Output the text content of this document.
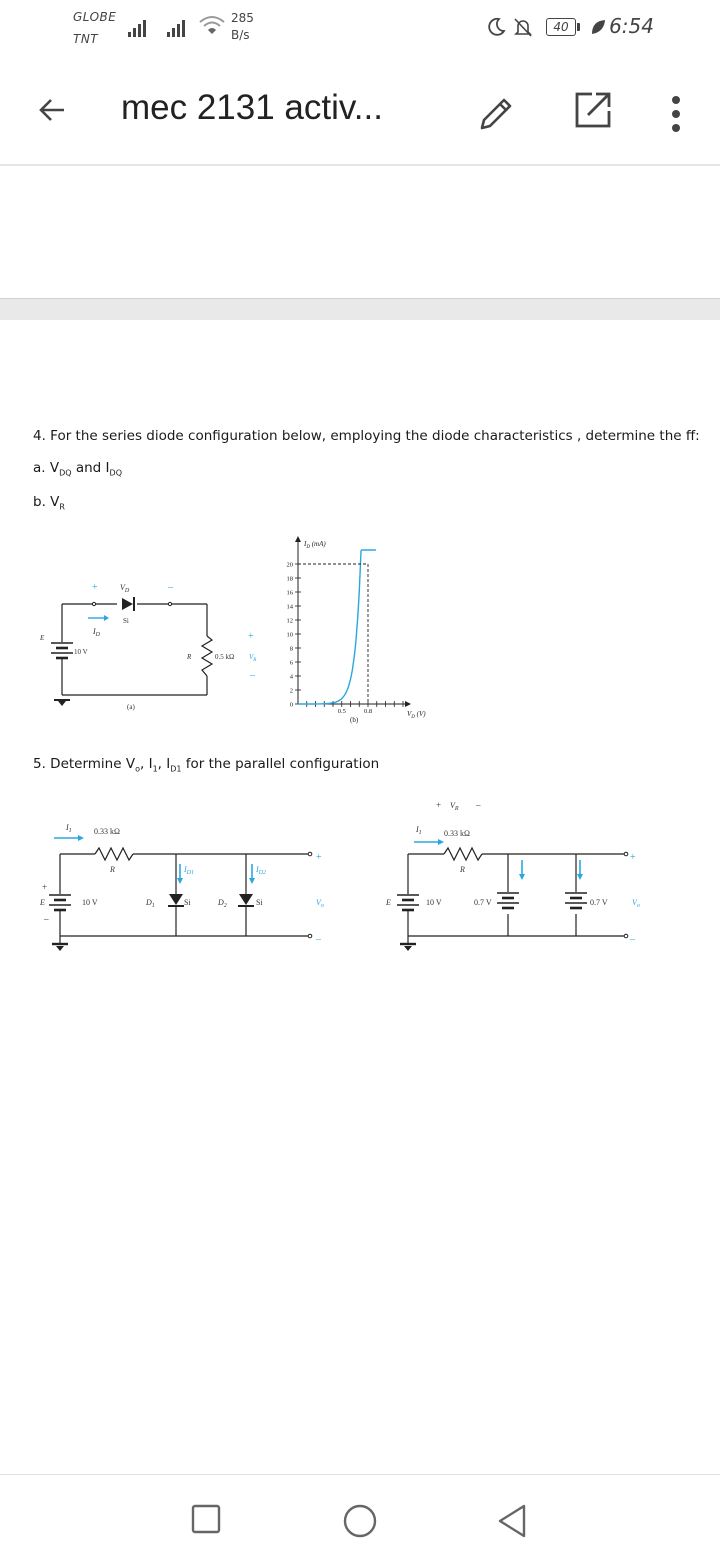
GLOBE
TNT
285
B/s
40	6:54
mec 2131 activ...
4. For the series diode configuration below, employing the diode characteristics , determine the ff:
a. $V_{DQ}$ and $I_{DQ}$
b. $V_R$
+	$V_D$	–
Si
$I_D$
E
10 V
R	0.5 kΩ $V_R$
+
–
(a)
20
18
16
14
12
10
8
6
4
2
0
0.5	0.8
$I_D$ (mA)
$V_D$ (V)
(b)
5. Determine $V_o$, $I_1$, $I_{D1}$ for the parallel configuration
$I_1$	0.33 kΩ
R	$I_{D1}$	$I_{D2}$
E	10 V	$D_1$	Si	$D_2$	Si	$V_o$
+
–
+
–
+ $V_R$ –
$I_1$	0.33 kΩ
R
E	10 V	0.7 V	0.7 V	$V_o$
+
–
